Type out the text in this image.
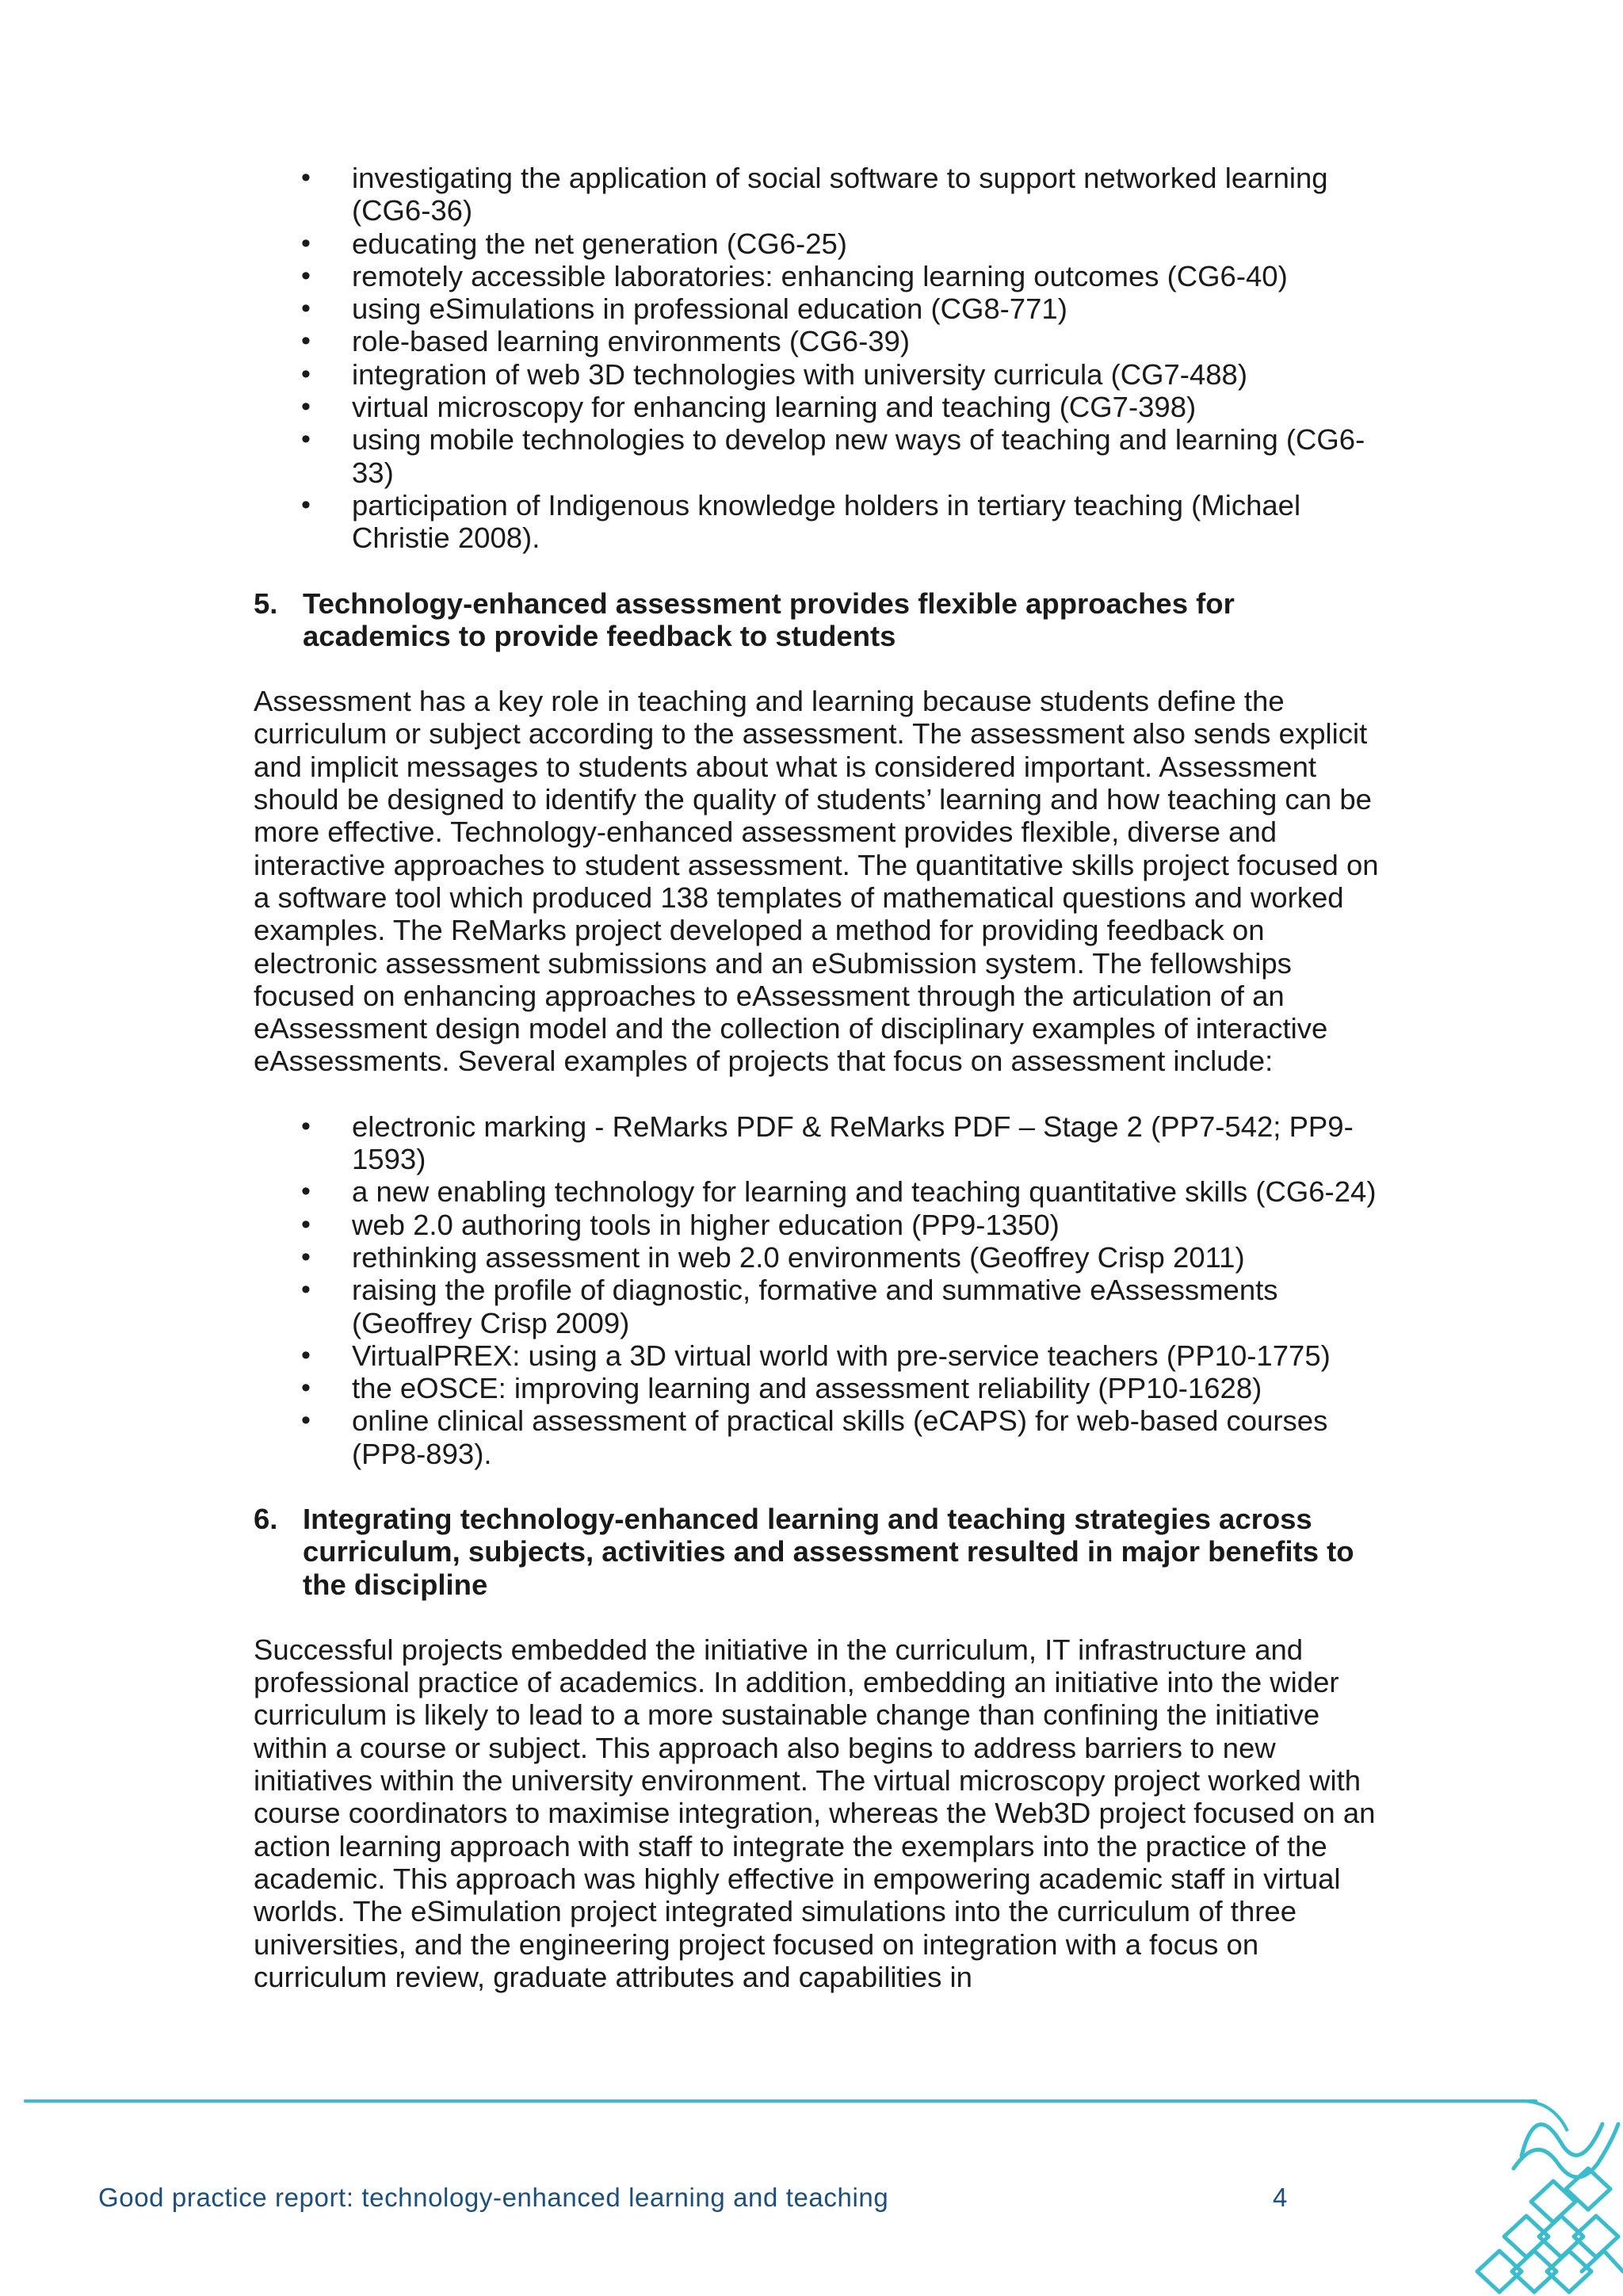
• investigating the application of social software to support networked learning (CG6-36)
• educating the net generation (CG6-25)
• remotely accessible laboratories: enhancing learning outcomes (CG6-40)
• using eSimulations in professional education (CG8-771)
• role-based learning environments (CG6-39)
• integration of web 3D technologies with university curricula (CG7-488)
• virtual microscopy for enhancing learning and teaching (CG7-398)
• using mobile technologies to develop new ways of teaching and learning (CG6-33)
• participation of Indigenous knowledge holders in tertiary teaching (Michael Christie 2008).
5. Technology-enhanced assessment provides flexible approaches for academics to provide feedback to students

Assessment has a key role in teaching and learning because students define the curriculum or subject according to the assessment. The assessment also sends explicit and implicit messages to students about what is considered important. Assessment should be designed to identify the quality of students’ learning and how teaching can be more effective. Technology-enhanced assessment provides flexible, diverse and interactive approaches to student assessment. The quantitative skills project focused on a software tool which produced 138 templates of mathematical questions and worked examples. The ReMarks project developed a method for providing feedback on electronic assessment submissions and an eSubmission system. The fellowships focused on enhancing approaches to eAssessment through the articulation of an eAssessment design model and the collection of disciplinary examples of interactive eAssessments. Several examples of projects that focus on assessment include:

• electronic marking - ReMarks PDF & ReMarks PDF – Stage 2 (PP7-542; PP9-1593)
• a new enabling technology for learning and teaching quantitative skills (CG6-24)
• web 2.0 authoring tools in higher education (PP9-1350)
• rethinking assessment in web 2.0 environments (Geoffrey Crisp 2011)
• raising the profile of diagnostic, formative and summative eAssessments (Geoffrey Crisp 2009)
• VirtualPREX: using a 3D virtual world with pre-service teachers (PP10-1775)
• the eOSCE: improving learning and assessment reliability (PP10-1628)
• online clinical assessment of practical skills (eCAPS) for web-based courses (PP8-893).
6. Integrating technology-enhanced learning and teaching strategies across curriculum, subjects, activities and assessment resulted in major benefits to the discipline

Successful projects embedded the initiative in the curriculum, IT infrastructure and professional practice of academics. In addition, embedding an initiative into the wider curriculum is likely to lead to a more sustainable change than confining the initiative within a course or subject. This approach also begins to address barriers to new initiatives within the university environment. The virtual microscopy project worked with course coordinators to maximise integration, whereas the Web3D project focused on an action learning approach with staff to integrate the exemplars into the practice of the academic. This approach was highly effective in empowering academic staff in virtual worlds. The eSimulation project integrated simulations into the curriculum of three universities, and the engineering project focused on integration with a focus on curriculum review, graduate attributes and capabilities in

Good practice report: technology-enhanced learning and teaching	4
